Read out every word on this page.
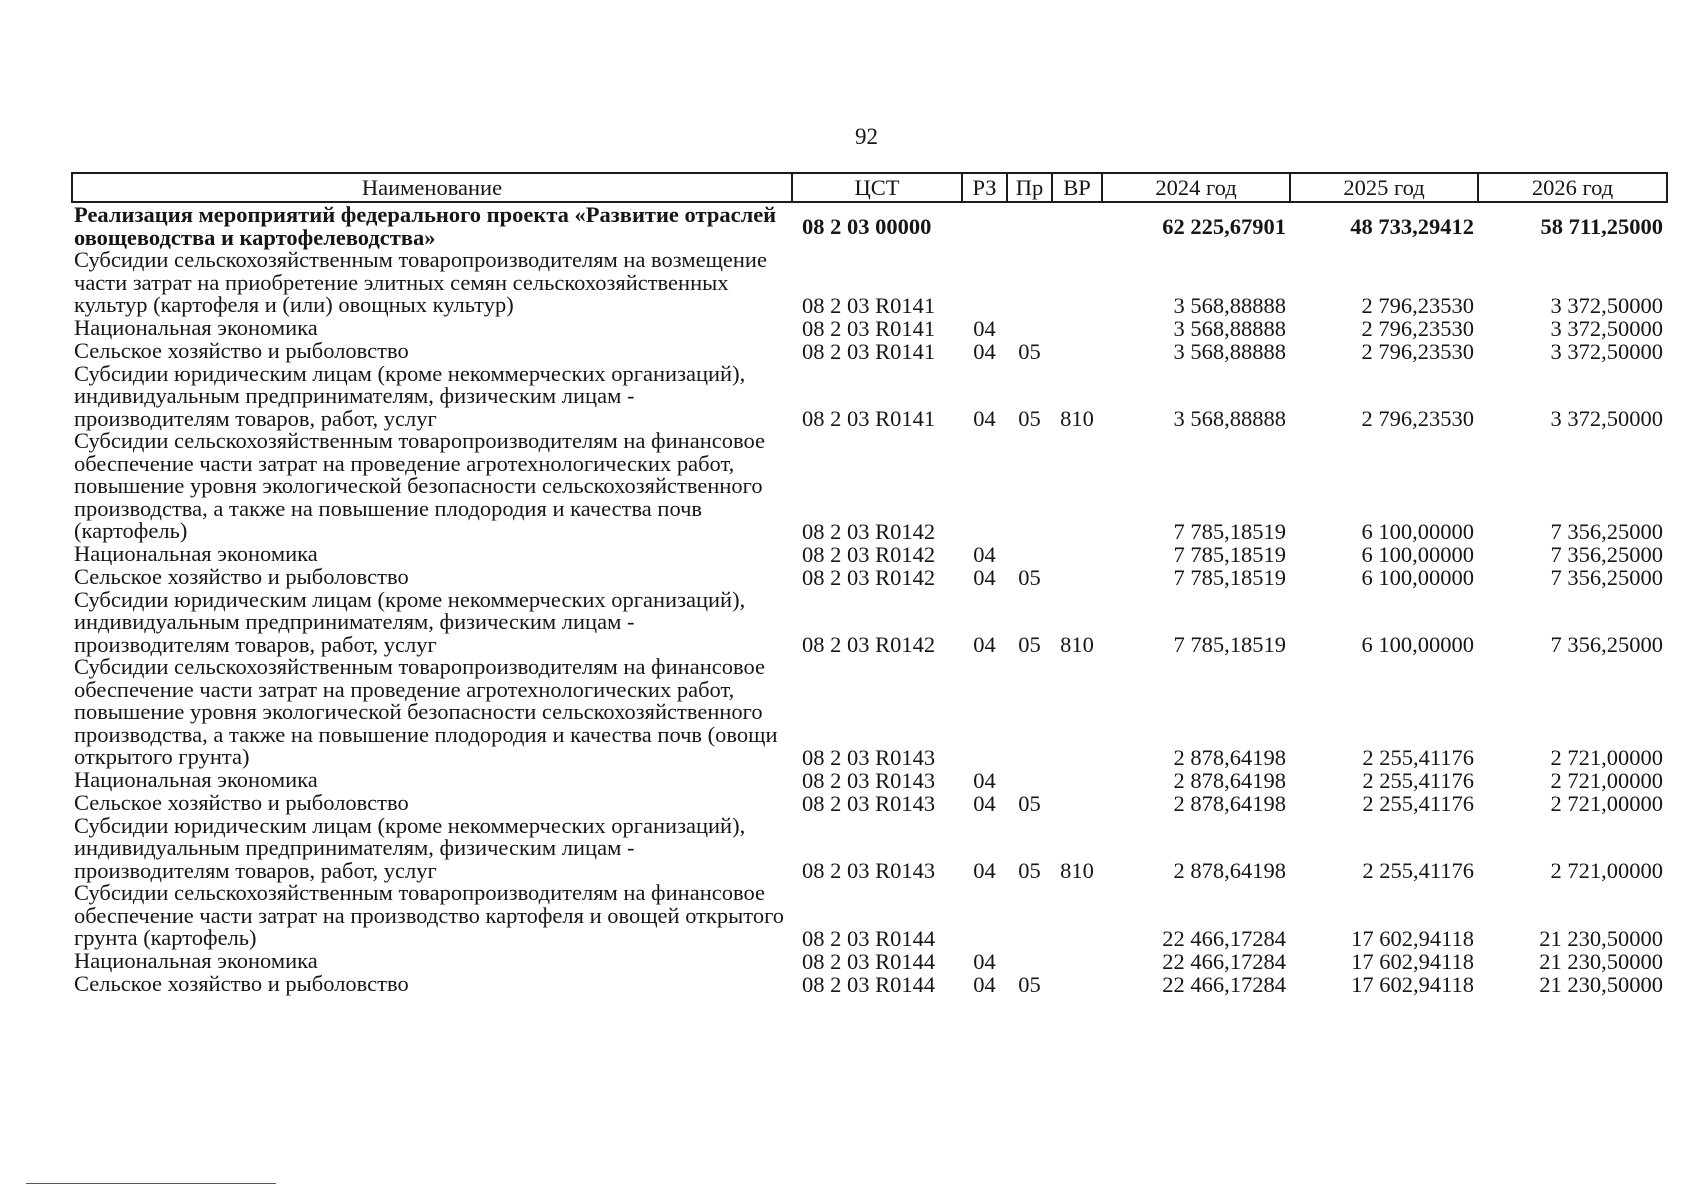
92
Наименование	ЦСТ	РЗ	Пр	ВР	2024 год	2025 год	2026 год
Реализация мероприятий федерального проекта «Развитие отраслей овощеводства и картофелеводства»	08 2 03 00000				62 225,67901	48 733,29412	58 711,25000
Субсидии сельскохозяйственным товаропроизводителям на возмещение части затрат на приобретение элитных семян сельскохозяйственных культур (картофеля и (или) овощных культур)	08 2 03 R0141				3 568,88888	2 796,23530	3 372,50000
Национальная экономика	08 2 03 R0141	04			3 568,88888	2 796,23530	3 372,50000
Сельское хозяйство и рыболовство	08 2 03 R0141	04	05		3 568,88888	2 796,23530	3 372,50000
Субсидии юридическим лицам (кроме некоммерческих организаций), индивидуальным предпринимателям, физическим лицам - производителям товаров, работ, услуг	08 2 03 R0141	04	05	810	3 568,88888	2 796,23530	3 372,50000
Субсидии сельскохозяйственным товаропроизводителям на финансовое обеспечение части затрат на проведение агротехнологических работ, повышение уровня экологической безопасности сельскохозяйственного производства, а также на повышение плодородия и качества почв (картофель)	08 2 03 R0142				7 785,18519	6 100,00000	7 356,25000
Национальная экономика	08 2 03 R0142	04			7 785,18519	6 100,00000	7 356,25000
Сельское хозяйство и рыболовство	08 2 03 R0142	04	05		7 785,18519	6 100,00000	7 356,25000
Субсидии юридическим лицам (кроме некоммерческих организаций), индивидуальным предпринимателям, физическим лицам - производителям товаров, работ, услуг	08 2 03 R0142	04	05	810	7 785,18519	6 100,00000	7 356,25000
Субсидии сельскохозяйственным товаропроизводителям на финансовое обеспечение части затрат на проведение агротехнологических работ, повышение уровня экологической безопасности сельскохозяйственного производства, а также на повышение плодородия и качества почв (овощи открытого грунта)	08 2 03 R0143				2 878,64198	2 255,41176	2 721,00000
Национальная экономика	08 2 03 R0143	04			2 878,64198	2 255,41176	2 721,00000
Сельское хозяйство и рыболовство	08 2 03 R0143	04	05		2 878,64198	2 255,41176	2 721,00000
Субсидии юридическим лицам (кроме некоммерческих организаций), индивидуальным предпринимателям, физическим лицам - производителям товаров, работ, услуг	08 2 03 R0143	04	05	810	2 878,64198	2 255,41176	2 721,00000
Субсидии сельскохозяйственным товаропроизводителям на финансовое обеспечение части затрат на производство картофеля и овощей открытого грунта (картофель)	08 2 03 R0144				22 466,17284	17 602,94118	21 230,50000
Национальная экономика	08 2 03 R0144	04			22 466,17284	17 602,94118	21 230,50000
Сельское хозяйство и рыболовство	08 2 03 R0144	04	05		22 466,17284	17 602,94118	21 230,50000
